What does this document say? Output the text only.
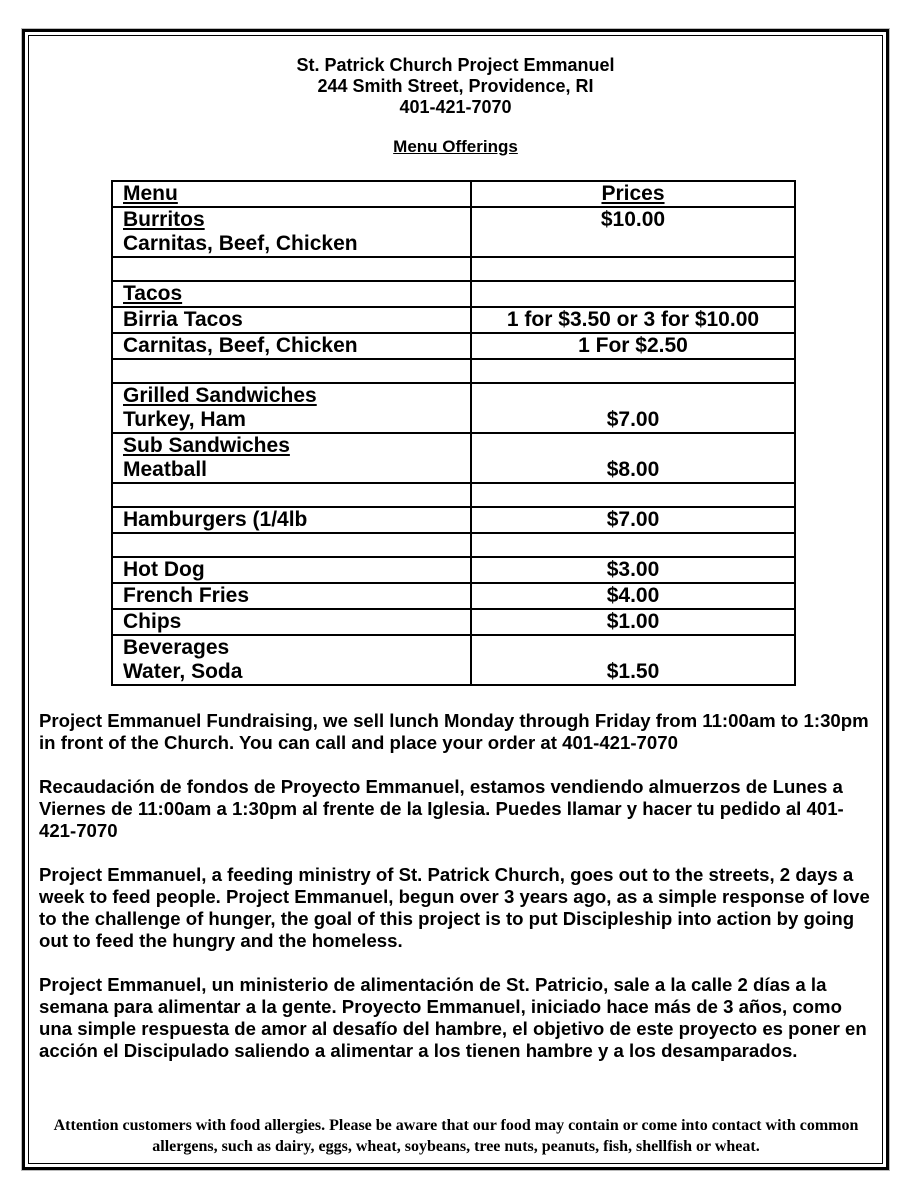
St. Patrick Church Project Emmanuel
244 Smith Street, Providence, RI
401-421-7070
Menu Offerings
Menu	Prices

Burritos
Carnitas, Beef, Chicken	$10.00

Tacos	
Birria Tacos	1 for $3.50 or 3 for $10.00
Carnitas, Beef, Chicken	1 For $2.50

Grilled Sandwiches
Turkey, Ham	$7.00

Sub Sandwiches
Meatball	$8.00

Hamburgers (1/4lb	$7.00

Hot Dog	$3.00
French Fries	$4.00
Chips	$1.00

Beverages
Water, Soda	$1.50

Project Emmanuel Fundraising, we sell lunch Monday through Friday from 11:00am to 1:30pm in front of the Church. You can call and place your order at 401-421-7070

Recaudación de fondos de Proyecto Emmanuel, estamos vendiendo almuerzos de Lunes a Viernes de 11:00am a 1:30pm al frente de la Iglesia. Puedes llamar y hacer tu pedido al 401-421-7070

Project Emmanuel, a feeding ministry of St. Patrick Church, goes out to the streets, 2 days a week to feed people. Project Emmanuel, begun over 3 years ago, as a simple response of love to the challenge of hunger, the goal of this project is to put Discipleship into action by going out to feed the hungry and the homeless.

Project Emmanuel, un ministerio de alimentación de St. Patricio, sale a la calle 2 días a la semana para alimentar a la gente. Proyecto Emmanuel, iniciado hace más de 3 años, como una simple respuesta de amor al desafío del hambre, el objetivo de este proyecto es poner en acción el Discipulado saliendo a alimentar a los tienen hambre y a los desamparados.

Attention customers with food allergies. Please be aware that our food may contain or come into contact with common allergens, such as dairy, eggs, wheat, soybeans, tree nuts, peanuts, fish, shellfish or wheat.
